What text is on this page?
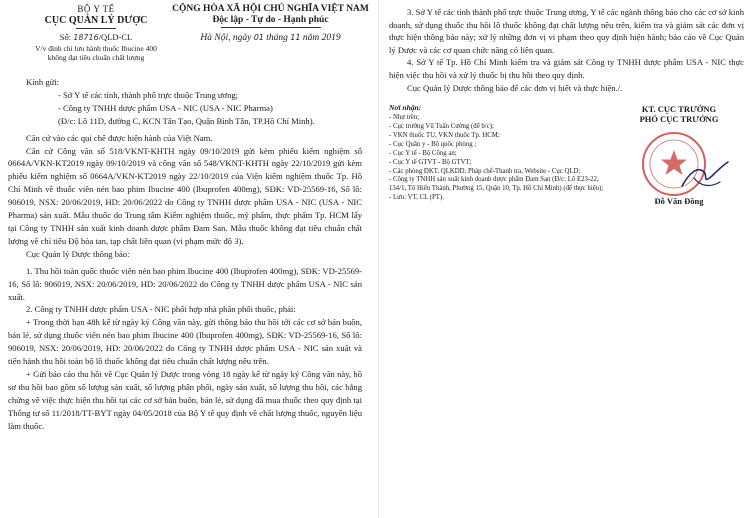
BỘ Y TẾ
CỤC QUẢN LÝ DƯỢC
Số: 18716/QLD-CL
V/v đình chỉ lưu hành thuốc Ibucine 400
không đạt tiêu chuẩn chất lượng
CỘNG HÒA XÃ HỘI CHỦ NGHĨA VIỆT NAM
Độc lập - Tự do - Hạnh phúc
Hà Nội, ngày 01 tháng 11 năm 2019
Kính gửi:

- Sở Y tế các tỉnh, thành phố trực thuộc Trung ương;

- Công ty TNHH dược phẩm USA - NIC (USA - NIC Pharma)

(Đ/c: Lô 11D, đường C, KCN Tân Tạo, Quận Bình Tân, TP.Hồ Chí Minh).

Căn cứ vào các qui chế được hiện hành của Việt Nam.

Căn cứ Công văn số 518/VKNT-KHTH ngày 09/10/2019 gửi kèm phiếu kiểm nghiệm số 0664A/VKN-KT2019 ngày 09/10/2019 và công văn số 548/VKNT-KHTH ngày 22/10/2019 gửi kèm phiếu kiểm nghiệm số 0664A/VKN-KT2019 ngày 22/10/2019 của Viện kiểm nghiệm thuốc Tp. Hồ Chí Minh về thuốc viên nén bao phim Ibucine 400 (Ibuprofen 400mg), SĐK: VD-25569-16, Số lô: 906019, NSX: 20/06/2019, HD: 20/06/2022 do Công ty TNHH dược phẩm USA - NIC (USA - NIC Pharma) sản xuất. Mẫu thuốc do Trung tâm Kiểm nghiệm thuốc, mỹ phẩm, thực phẩm Tp. HCM lấy tại Công ty TNHH sản xuất kinh doanh dược phẩm Đam San. Mẫu thuốc không đạt tiêu chuẩn chất lượng về chỉ tiêu Độ hòa tan, tạp chất liên quan (vi phạm mức độ 3).

Cục Quản lý Dược thông báo:

1. Thu hồi toàn quốc thuốc viên nén bao phim Ibucine 400 (Ibuprofen 400mg), SĐK: VD-25569-16, Số lô: 906019, NSX: 20/06/2019, HD: 20/06/2022 do Công ty TNHH dược phẩm USA - NIC sản xuất.

2. Công ty TNHH dược phẩm USA - NIC phối hợp nhà phân phối thuốc, phải:

+ Trong thời hạn 48h kể từ ngày ký Công văn này, gửi thông báo thu hồi tới các cơ sở bán buôn, bán lẻ, sử dụng thuốc viên nén bao phim Ibucine 400 (Ibuprofen 400mg), SĐK: VD-25569-16, Số lô: 906019, NSX: 20/06/2019, HD: 20/06/2022 do Công ty TNHH dược phẩm USA - NIC sản xuất và tiến hành thu hồi toàn bộ lô thuốc không đạt tiêu chuẩn chất lượng nêu trên.

+ Gửi báo cáo thu hồi về Cục Quản lý Dược trong vòng 18 ngày kể từ ngày ký Công văn này, hồ sơ thu hồi bao gồm số lượng sản xuất, số lượng phân phối, ngày sản xuất, số lượng thu hồi, các bằng chứng về việc thực hiện thu hồi tại các cơ sở bán buôn, bán lẻ, sử dụng đã mua thuốc theo quy định tại Thông tư số 11/2018/TT-BYT ngày 04/05/2018 của Bộ Y tế quy định về chất lượng thuốc, nguyên liệu làm thuốc.

3. Sở Y tế các tỉnh thành phố trực thuộc Trung ương, Y tế các ngành thông báo cho các cơ sở kinh doanh, sử dụng thuốc thu hồi lô thuốc không đạt chất lượng nêu trên, kiểm tra và giám sát các đơn vị thực hiện thông báo này; xử lý những đơn vị vi phạm theo quy định hiện hành; báo cáo về Cục Quản lý Dược và các cơ quan chức năng có liên quan.

4. Sở Y tế Tp. Hồ Chí Minh kiểm tra và giám sát Công ty TNHH dược phẩm USA - NIC thực hiện việc thu hồi và xử lý thuốc bị thu hồi theo quy định.

Cục Quản lý Dược thông báo để các đơn vị biết và thực hiện./.

Nơi nhận:

- Như trên;

- Cục trưởng Vũ Tuấn Cường (để b/c);

- VKN thuốc TU, VKN thuốc Tp. HCM;

- Cục Quân y - Bộ quốc phòng ;

- Cục Y tế - Bộ Công an;

- Cục Y tế GTVT - Bộ GTVT;

- Các phòng ĐKT, QLKDD, Pháp chế-Thanh tra, Website - Cục QLD;

- Công ty TNHH sản xuất kinh doanh dược phẩm Đam San (Đ/c: Lô E23-22, 134/1, Tô Hiến Thành, Phường 15, Quận 10, Tp. Hồ Chí Minh) (để thực hiện);

- Lưu: VT, CL (PT).

KT. CỤC TRƯỞNG
PHÓ CỤC TRƯỞNG
Đỗ Văn Đông
